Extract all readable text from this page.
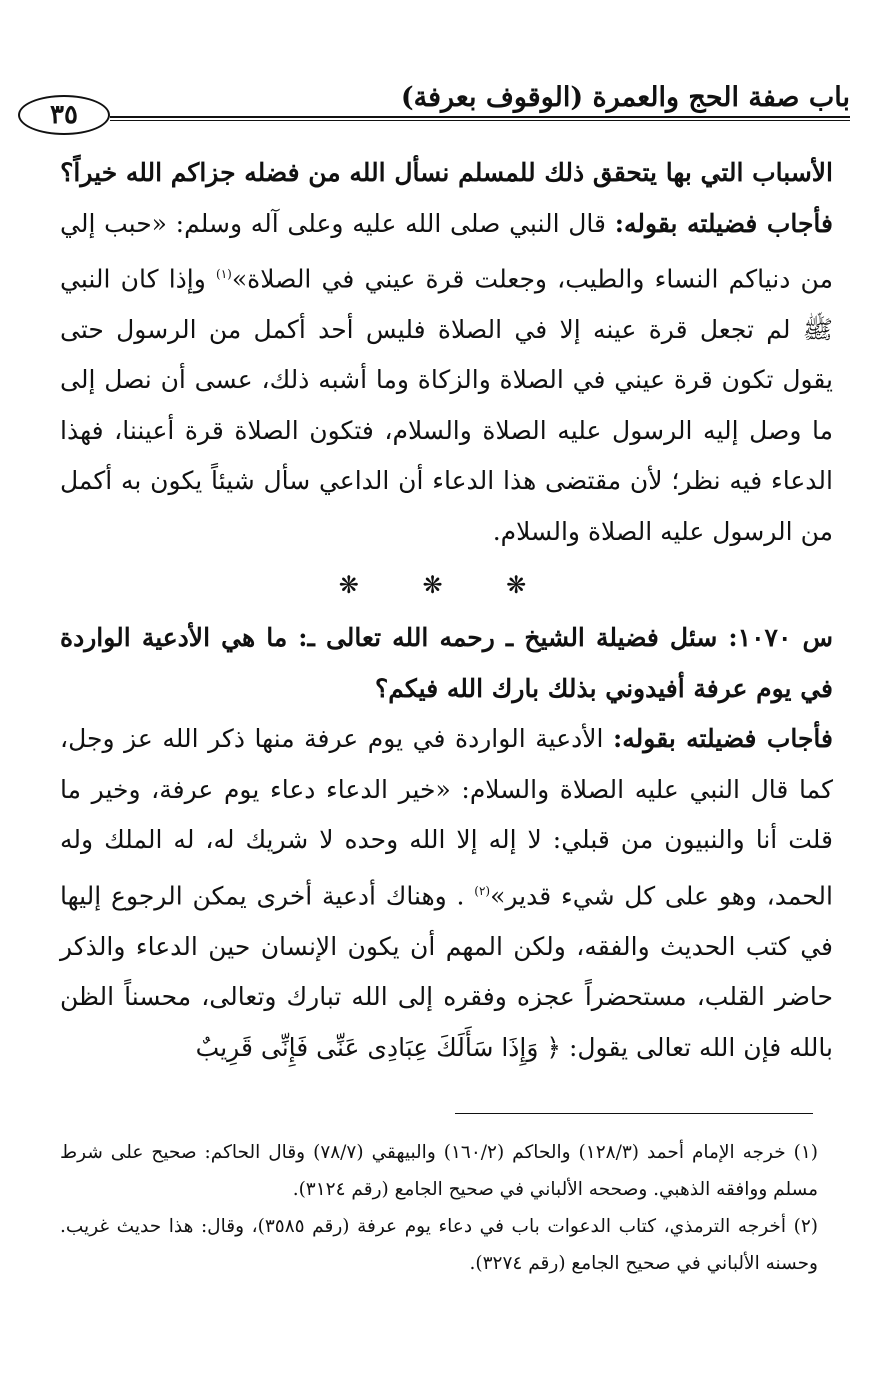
باب صفة الحج والعمرة (الوقوف بعرفة)
٣٥

الأسباب التي بها يتحقق ذلك للمسلم نسأل الله من فضله جزاكم الله خيراً؟

فأجاب فضيلته بقوله: قال النبي صلى الله عليه وعلى آله وسلم: «حبب إلي من دنياكم النساء والطيب، وجعلت قرة عيني في الصلاة»$^{(١)}$ وإذا كان النبي ﷺ لم تجعل قرة عينه إلا في الصلاة فليس أحد أكمل من الرسول حتى يقول تكون قرة عيني في الصلاة والزكاة وما أشبه ذلك، عسى أن نصل إلى ما وصل إليه الرسول عليه الصلاة والسلام، فتكون الصلاة قرة أعيننا، فهذا الدعاء فيه نظر؛ لأن مقتضى هذا الدعاء أن الداعي سأل شيئاً يكون به أكمل من الرسول عليه الصلاة والسلام.

❋ ❋ ❋

س ١٠٧٠: سئل فضيلة الشيخ ـ رحمه الله تعالى ـ: ما هي الأدعية الواردة في يوم عرفة أفيدوني بذلك بارك الله فيكم؟

فأجاب فضيلته بقوله: الأدعية الواردة في يوم عرفة منها ذكر الله عز وجل، كما قال النبي عليه الصلاة والسلام: «خير الدعاء دعاء يوم عرفة، وخير ما قلت أنا والنبيون من قبلي: لا إله إلا الله وحده لا شريك له، له الملك وله الحمد، وهو على كل شيء قدير»$^{(٢)}$ . وهناك أدعية أخرى يمكن الرجوع إليها في كتب الحديث والفقه، ولكن المهم أن يكون الإنسان حين الدعاء والذكر حاضر القلب، مستحضراً عجزه وفقره إلى الله تبارك وتعالى، محسناً الظن بالله فإن الله تعالى يقول: ﴿ وَإِذَا سَأَلَكَ عِبَادِى عَنِّى فَإِنِّى قَرِيبٌ

(١) خرجه الإمام أحمد (١٢٨/٣) والحاكم (١٦٠/٢) والبيهقي (٧٨/٧) وقال الحاكم: صحيح على شرط مسلم ووافقه الذهبي. وصححه الألباني في صحيح الجامع (رقم ٣١٢٤).

(٢) أخرجه الترمذي، كتاب الدعوات باب في دعاء يوم عرفة (رقم ٣٥٨٥)، وقال: هذا حديث غريب. وحسنه الألباني في صحيح الجامع (رقم ٣٢٧٤).
